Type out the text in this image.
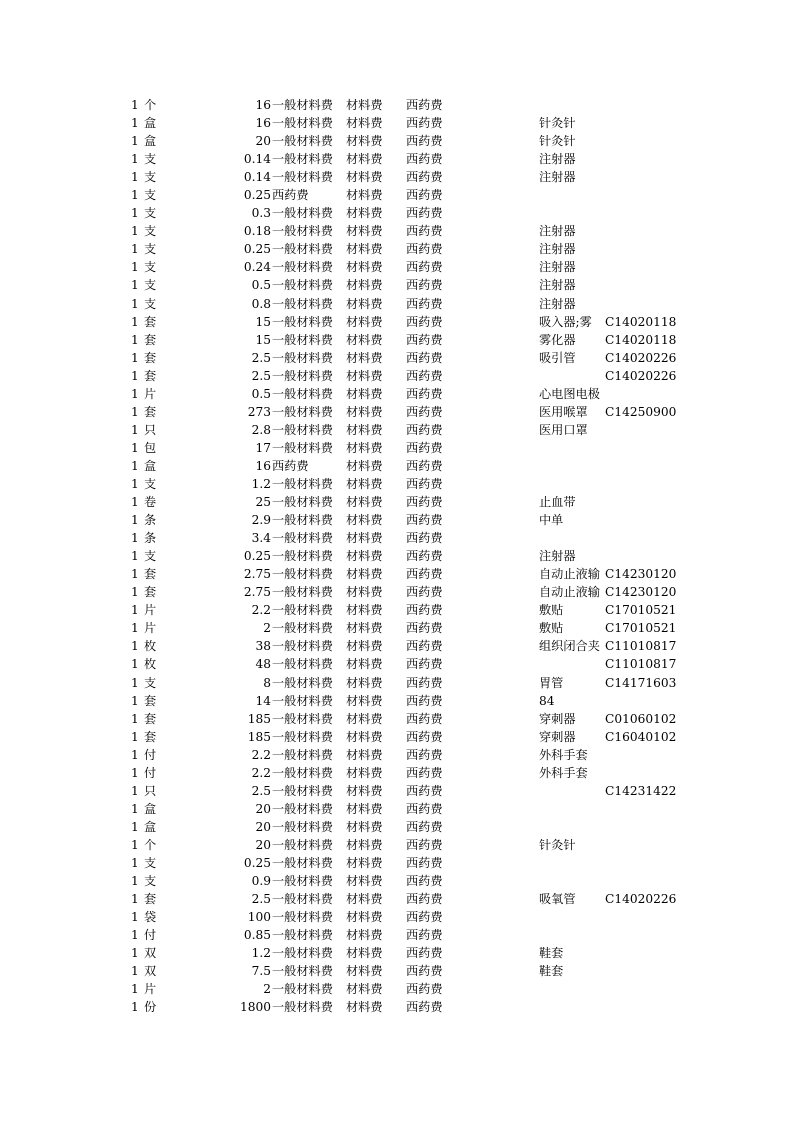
1 个	16 一般材料费	材料费 西药费
1 盒	16 一般材料费	材料费 西药费	针灸针
1 盒	20 一般材料费	材料费 西药费	针灸针
1 支	0.14 一般材料费	材料费 西药费	注射器
1 支	0.14 一般材料费	材料费 西药费	注射器
1 支	0.25 西药费	材料费 西药费
1 支	0.3 一般材料费	材料费 西药费
1 支	0.18 一般材料费	材料费 西药费	注射器
1 支	0.25 一般材料费	材料费 西药费	注射器
1 支	0.24 一般材料费	材料费 西药费	注射器
1 支	0.5 一般材料费	材料费 西药费	注射器
1 支	0.8 一般材料费	材料费 西药费	注射器
1 套	15 一般材料费	材料费 西药费	吸入器;雾	C14020118
1 套	15 一般材料费	材料费 西药费	雾化器	C14020118
1 套	2.5 一般材料费	材料费 西药费	吸引管	C14020226
1 套	2.5 一般材料费	材料费 西药费	C14020226
1 片	0.5 一般材料费	材料费 西药费	心电图电极
1 套	273 一般材料费	材料费 西药费	医用喉罩	C14250900
1 只	2.8 一般材料费	材料费 西药费	医用口罩
1 包	17 一般材料费	材料费 西药费
1 盒	16 西药费	材料费 西药费
1 支	1.2 一般材料费	材料费 西药费
1 卷	25 一般材料费	材料费 西药费	止血带
1 条	2.9 一般材料费	材料费 西药费	中单
1 条	3.4 一般材料费	材料费 西药费
1 支	0.25 一般材料费	材料费 西药费	注射器
1 套	2.75 一般材料费	材料费 西药费	自动止液输 C14230120
1 套	2.75 一般材料费	材料费 西药费	自动止液输 C14230120
1 片	2.2 一般材料费	材料费 西药费	敷贴	C17010521
1 片	2 一般材料费	材料费 西药费	敷贴	C17010521
1 枚	38 一般材料费	材料费 西药费	组织闭合夹 C11010817
1 枚	48 一般材料费	材料费 西药费	C11010817
1 支	8 一般材料费	材料费 西药费	胃管	C14171603
1 套	14 一般材料费	材料费 西药费	84
1 套	185 一般材料费	材料费 西药费	穿刺器	C01060102
1 套	185 一般材料费	材料费 西药费	穿刺器	C16040102
1 付	2.2 一般材料费	材料费 西药费	外科手套
1 付	2.2 一般材料费	材料费 西药费	外科手套
1 只	2.5 一般材料费	材料费 西药费	C14231422
1 盒	20 一般材料费	材料费 西药费
1 盒	20 一般材料费	材料费 西药费
1 个	20 一般材料费	材料费 西药费	针灸针
1 支	0.25 一般材料费	材料费 西药费
1 支	0.9 一般材料费	材料费 西药费
1 套	2.5 一般材料费	材料费 西药费	吸氧管	C14020226
1 袋	100 一般材料费	材料费 西药费
1 付	0.85 一般材料费	材料费 西药费
1 双	1.2 一般材料费	材料费 西药费	鞋套
1 双	7.5 一般材料费	材料费 西药费	鞋套
1 片	2 一般材料费	材料费 西药费
1 份	1800 一般材料费	材料费 西药费
